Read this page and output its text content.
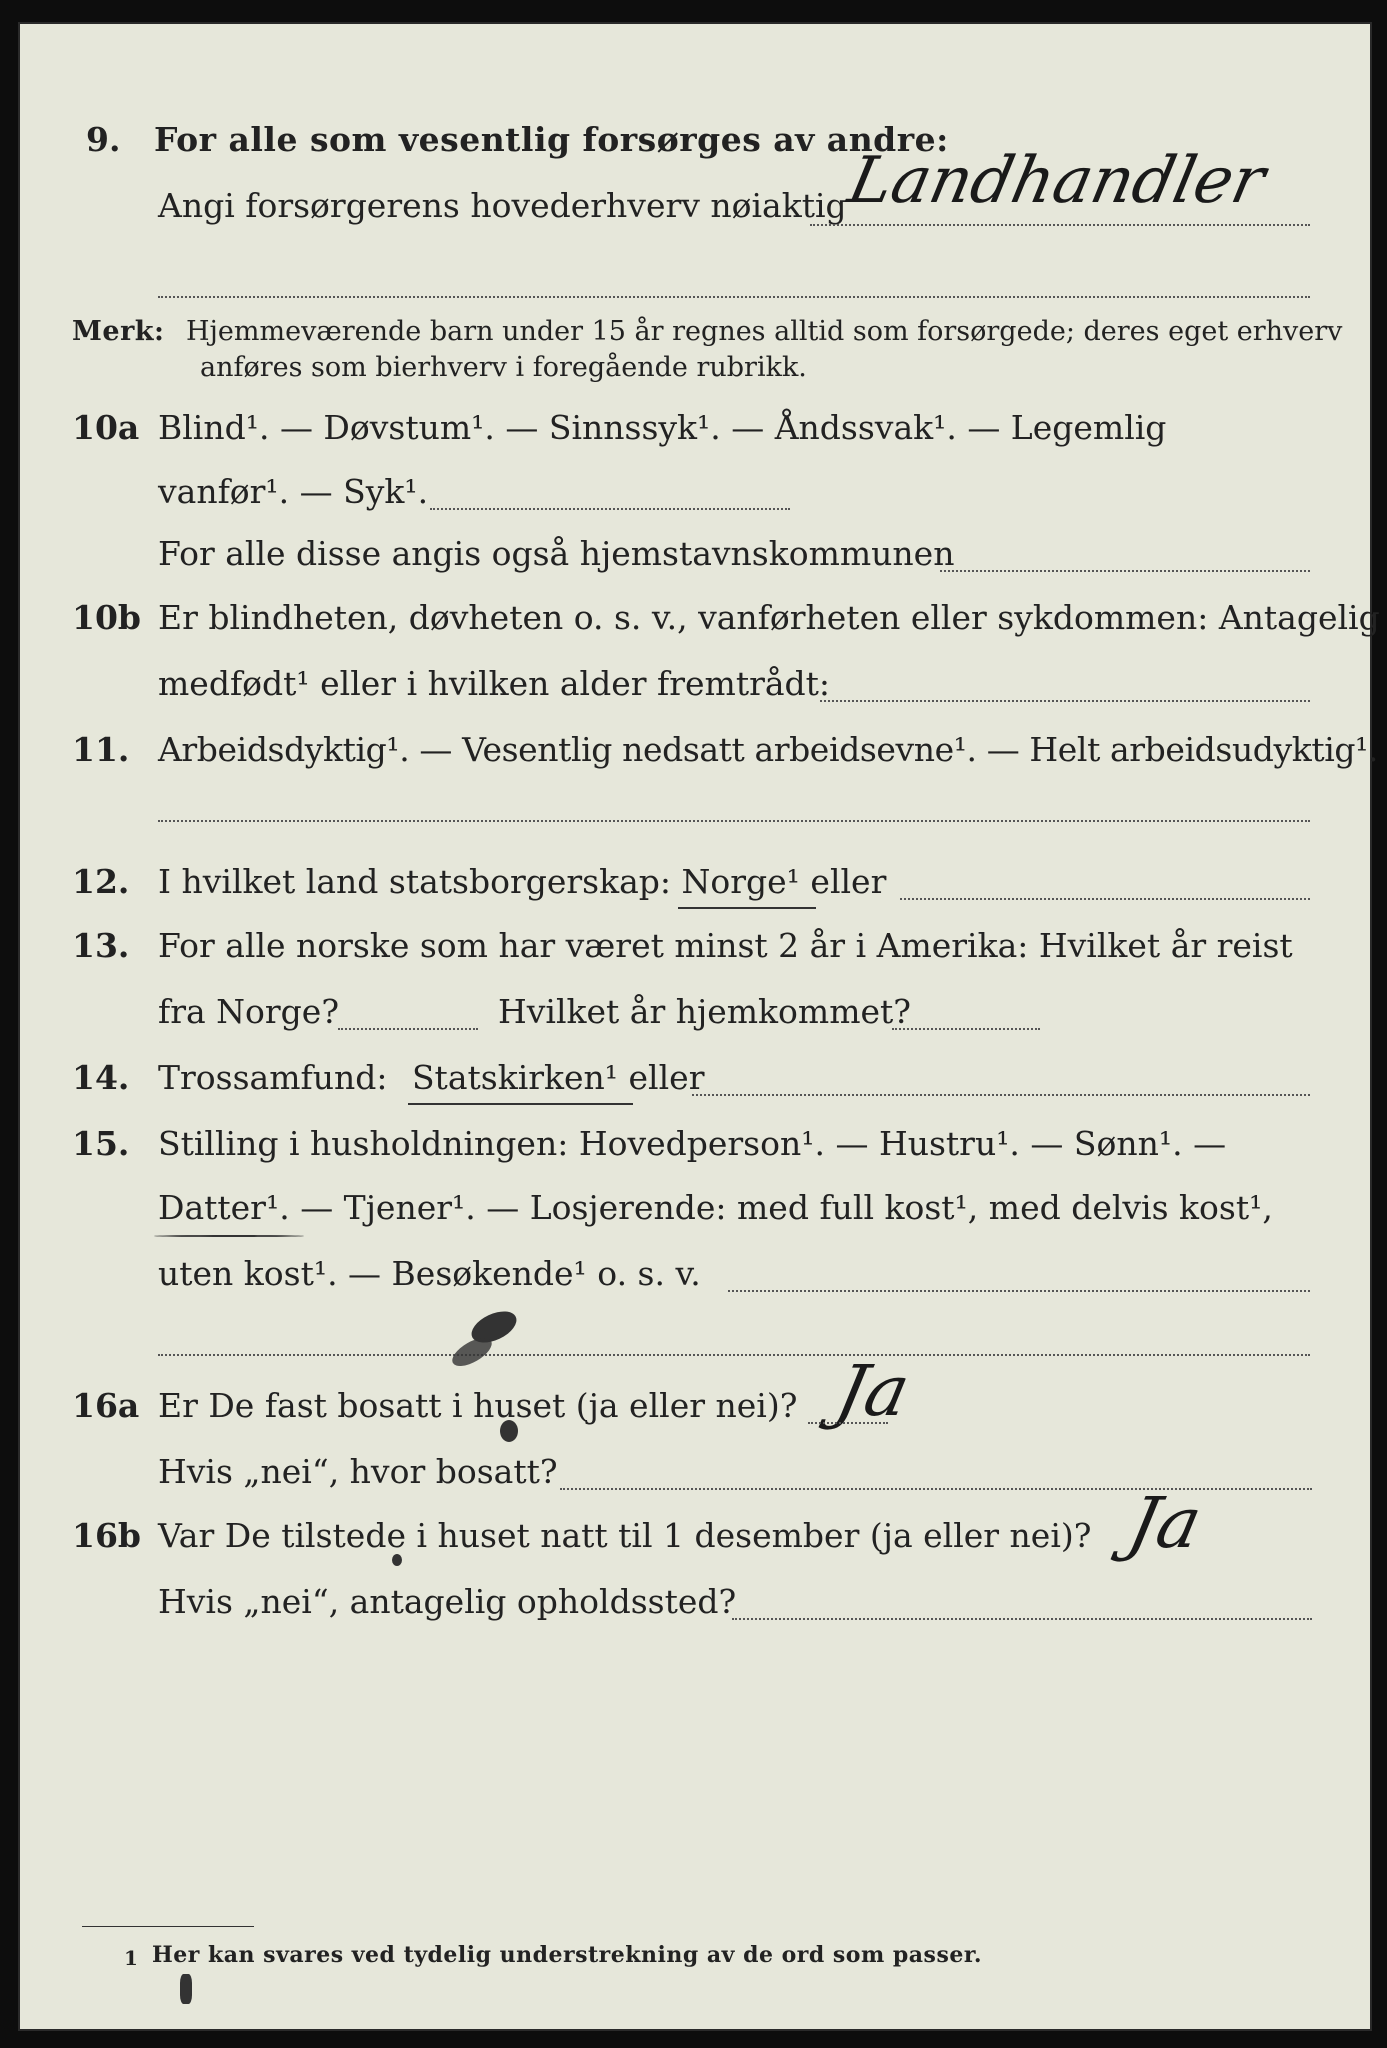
9. For alle som vesentlig forsørges av andre:
Angi forsørgerens hovederhverv nøiaktig
Landhandler
Merk: Hjemmeværende barn under 15 år regnes alltid som forsørgede; deres eget erhverv
anføres som bierhverv i foregående rubrikk.
10a Blind¹. — Døvstum¹. — Sinnssyk¹. — Åndssvak¹. — Legemlig
vanfør¹. — Syk¹.
For alle disse angis også hjemstavnskommunen
10b Er blindheten, døvheten o. s. v., vanførheten eller sykdommen: Antagelig
medfødt¹ eller i hvilken alder fremtrådt:
11. Arbeidsdyktig¹. — Vesentlig nedsatt arbeidsevne¹. — Helt arbeidsudyktig¹.
12. I hvilket land statsborgerskap: Norge¹ eller
13. For alle norske som har været minst 2 år i Amerika: Hvilket år reist
fra Norge?	Hvilket år hjemkommet?
14. Trossamfund: Statskirken¹ eller
15. Stilling i husholdningen: Hovedperson¹. — Hustru¹. — Sønn¹. —
Datter¹. — Tjener¹. — Losjerende: med full kost¹, med delvis kost¹,
uten kost¹. — Besøkende¹ o. s. v.
16a Er De fast bosatt i huset (ja eller nei)? Ja
Hvis „nei“, hvor bosatt?
16b Var De tilstede i huset natt til 1 desember (ja eller nei)? Ja
Hvis „nei“, antagelig opholdssted?
1 Her kan svares ved tydelig understrekning av de ord som passer.
